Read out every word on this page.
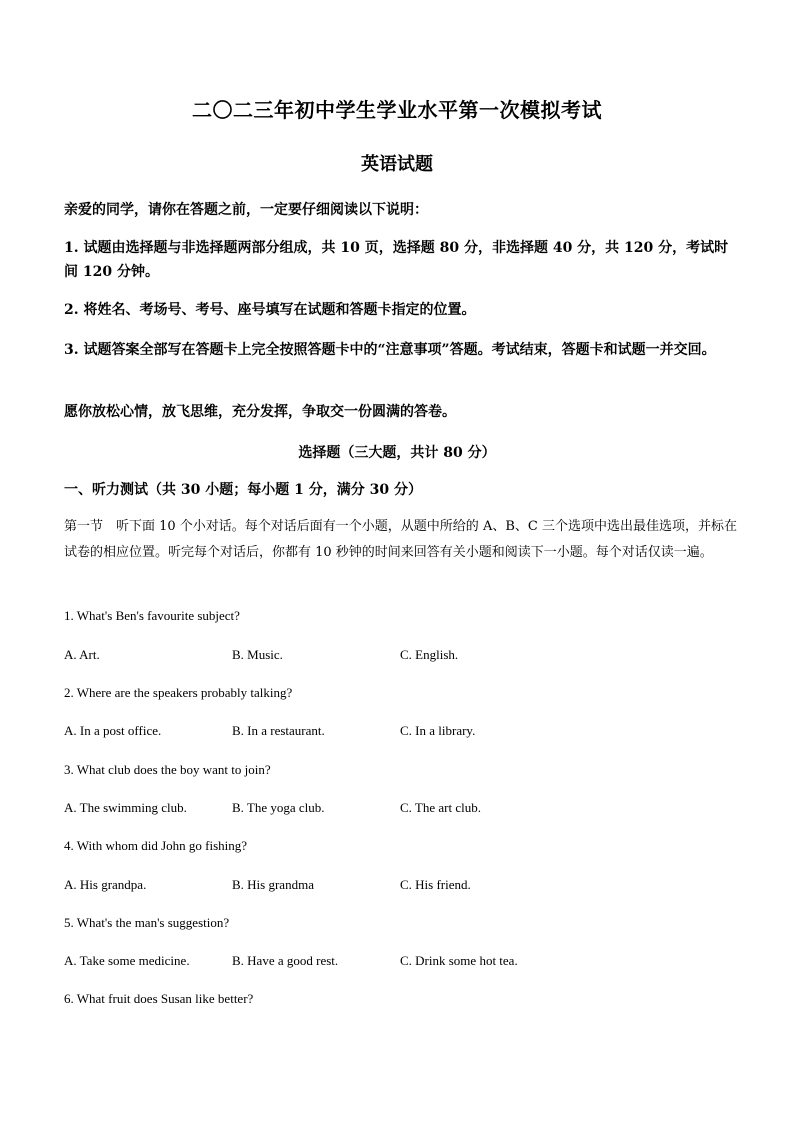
二〇二三年初中学生学业水平第一次模拟考试
英语试题
亲爱的同学，请你在答题之前，一定要仔细阅读以下说明：
1. 试题由选择题与非选择题两部分组成，共 10 页，选择题 80 分，非选择题 40 分，共 120 分，考试时间 120 分钟。
2. 将姓名、考场号、考号、座号填写在试题和答题卡指定的位置。
3. 试题答案全部写在答题卡上完全按照答题卡中的“注意事项”答题。考试结束，答题卡和试题一并交回。
愿你放松心情，放飞思维，充分发挥，争取交一份圆满的答卷。
选择题（三大题，共计 80 分）
一、听力测试（共 30 小题；每小题 1 分，满分 30 分）
第一节　听下面 10 个小对话。每个对话后面有一个小题，从题中所给的 A、B、C 三个选项中选出最佳选项，并标在试卷的相应位置。听完每个对话后，你都有 10 秒钟的时间来回答有关小题和阅读下一小题。每个对话仅读一遍。
1. What's Ben's favourite subject?
A. Art.	B. Music.	C. English.
2. Where are the speakers probably talking?
A. In a post office.	B. In a restaurant.	C. In a library.
3. What club does the boy want to join?
A. The swimming club.	B. The yoga club.	C. The art club.
4. With whom did John go fishing?
A. His grandpa.	B. His grandma	C. His friend.
5. What's the man's suggestion?
A. Take some medicine.	B. Have a good rest.	C. Drink some hot tea.
6. What fruit does Susan like better?
